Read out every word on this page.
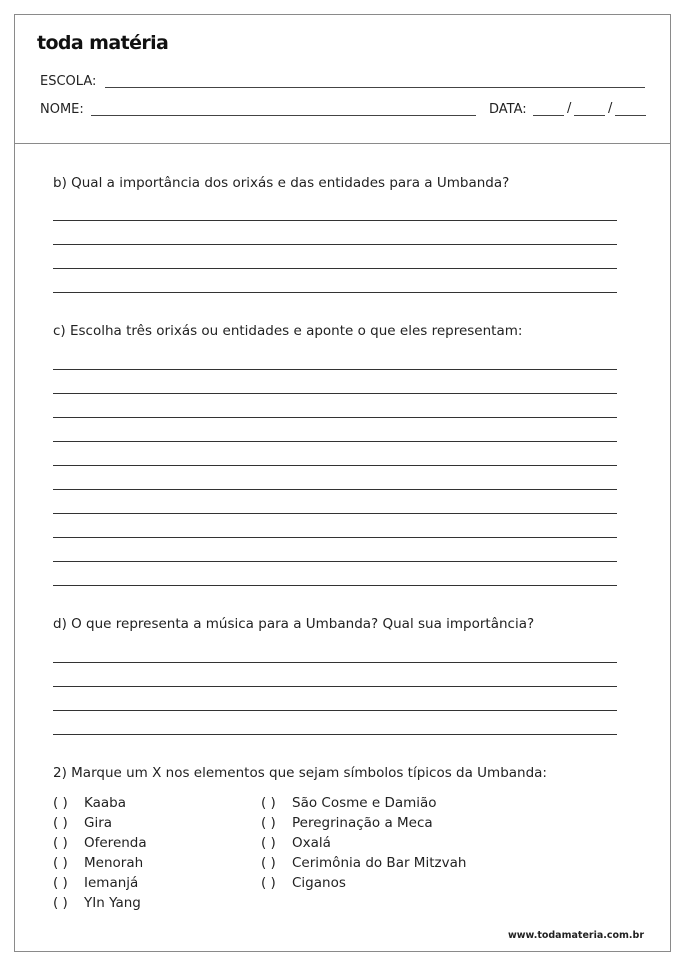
toda matéria
ESCOLA:
NOME:	DATA:	/	/
b) Qual a importância dos orixás e das entidades para a Umbanda?
c) Escolha três orixás ou entidades e aponte o que eles representam:
d) O que representa a música para a Umbanda? Qual sua importância?
2) Marque um X nos elementos que sejam símbolos típicos da Umbanda:
( ) Kaaba
( ) Gira
( ) Oferenda
( ) Menorah
( ) Iemanjá
( ) YIn Yang
( ) São Cosme e Damião
( ) Peregrinação a Meca
( ) Oxalá
( ) Cerimônia do Bar Mitzvah
( ) Ciganos
www.todamateria.com.br
